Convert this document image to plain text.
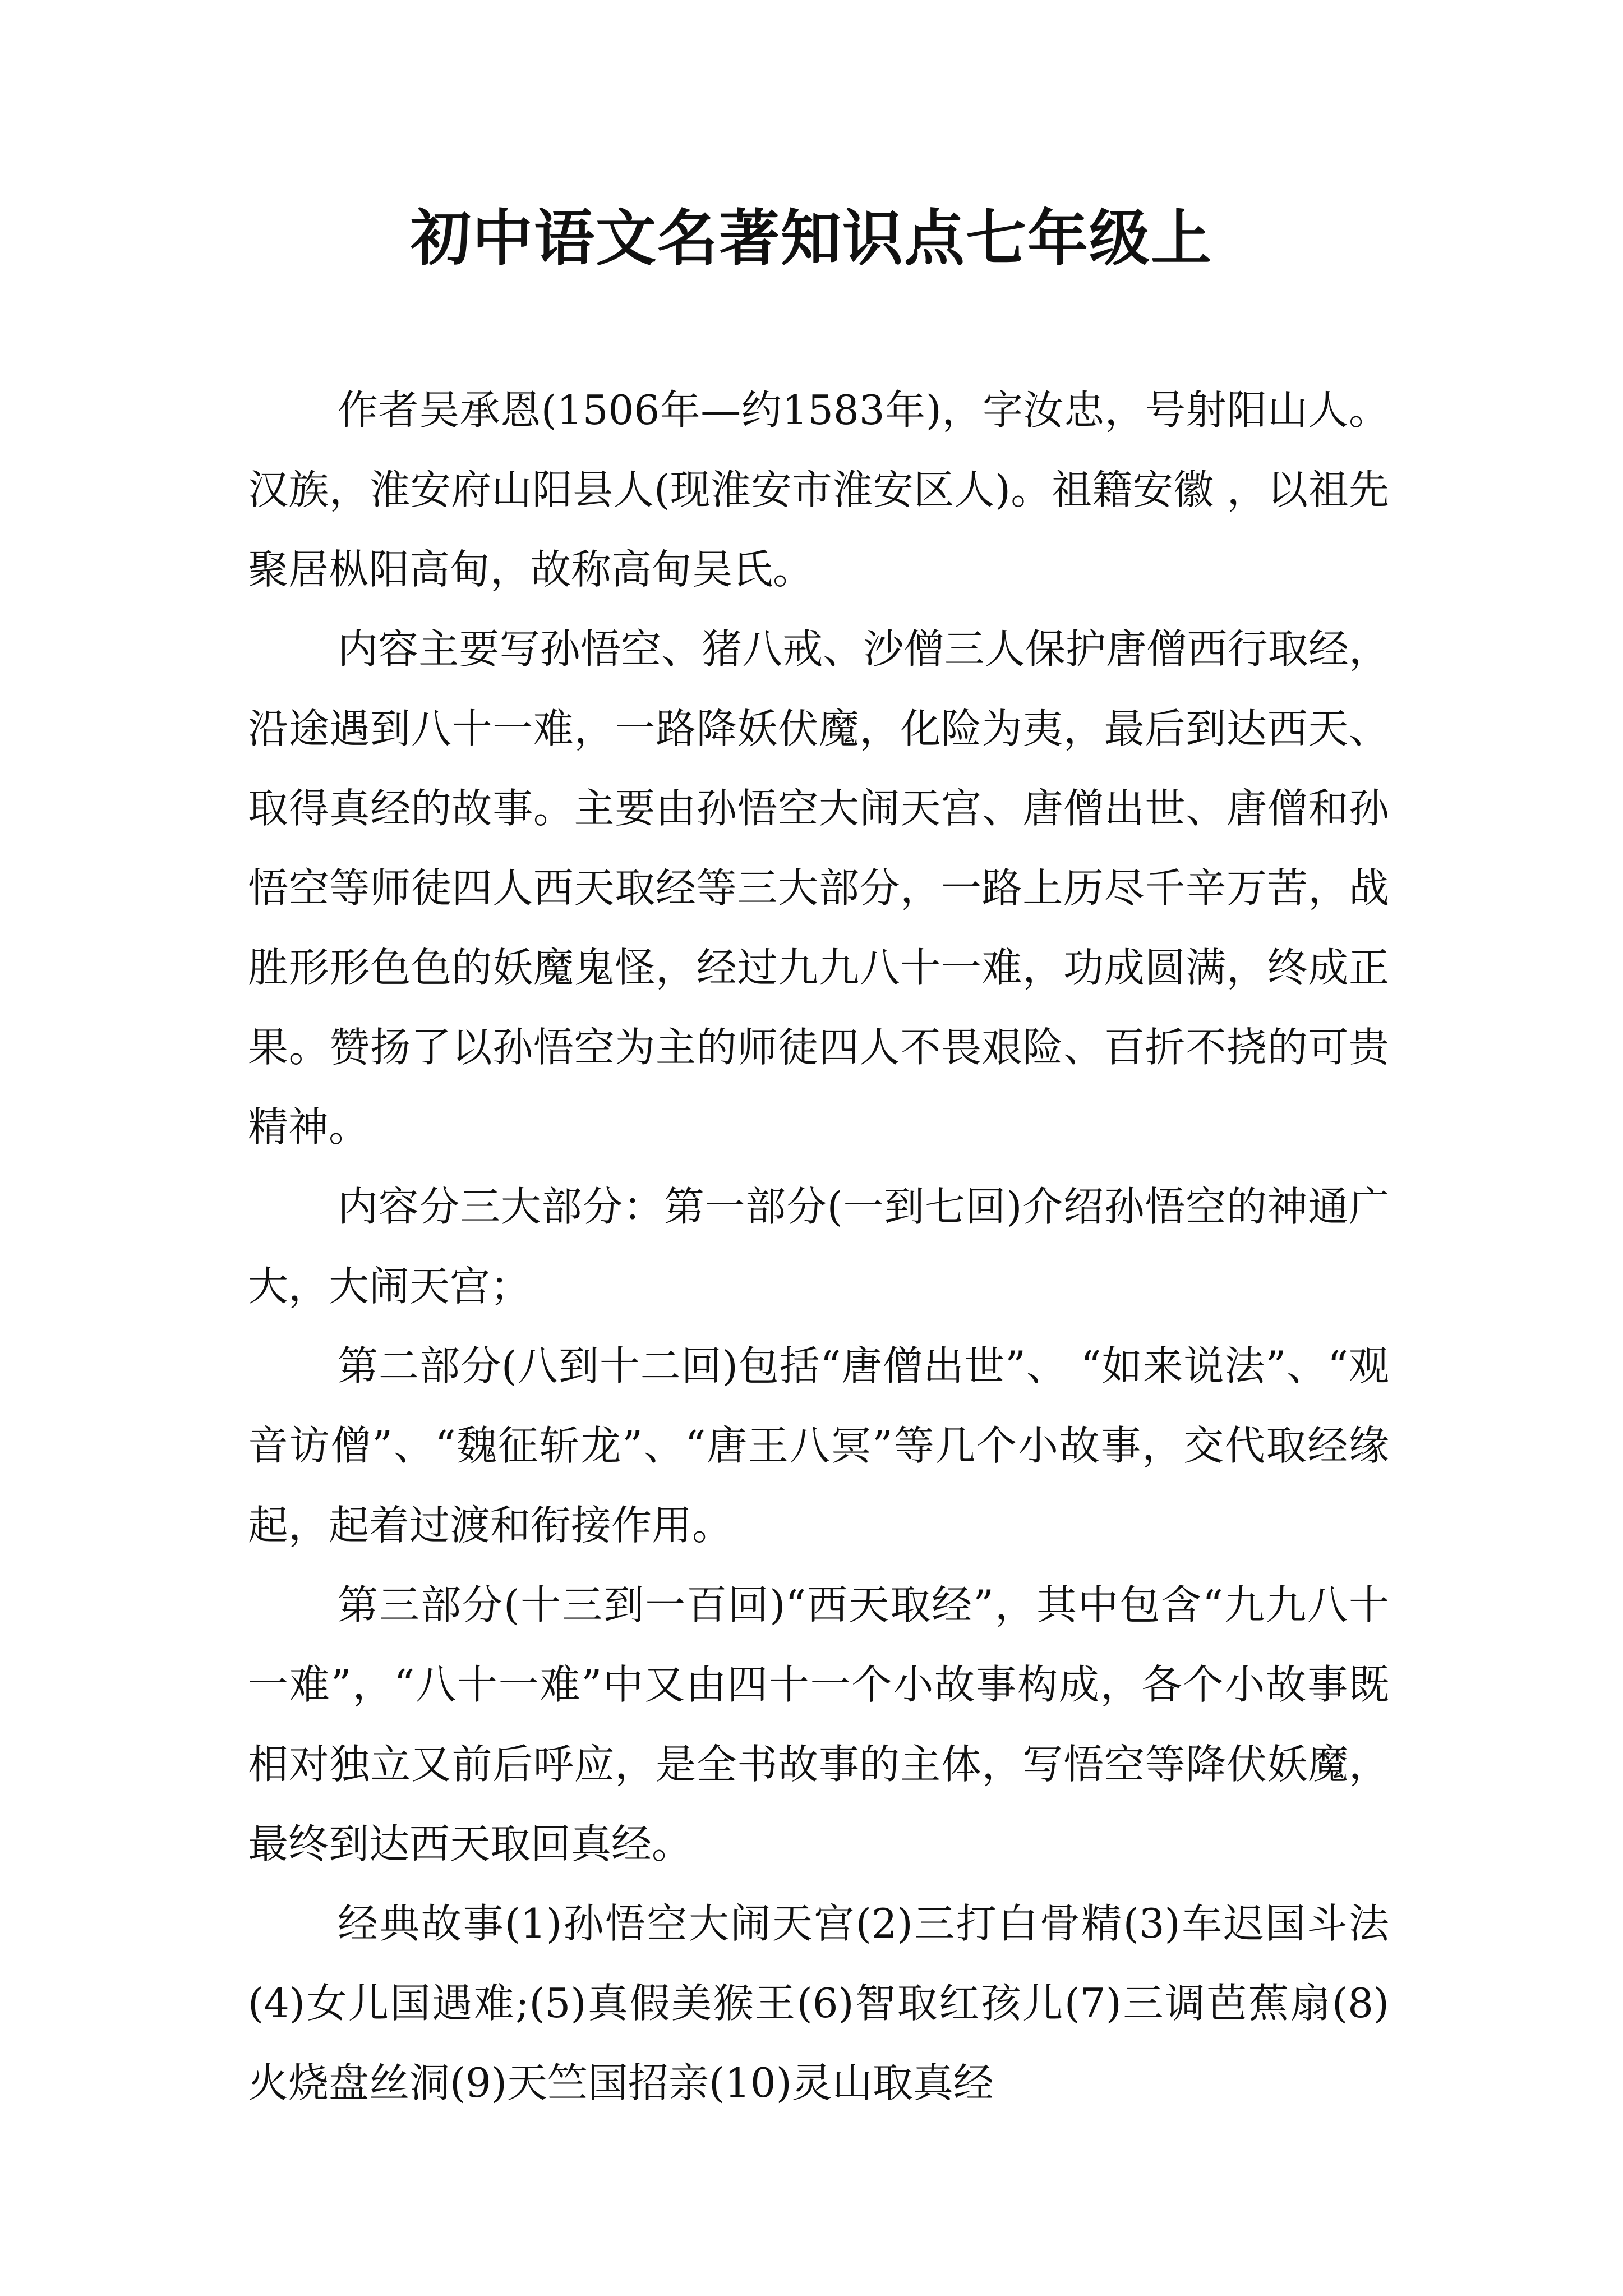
初中语文名著知识点七年级上

作者吴承恩(1506年—约1583年)，字汝忠，号射阳山人。汉族，淮安府山阳县人(现淮安市淮安区人)。祖籍安徽 ，以祖先聚居枞阳高甸，故称高甸吴氏。

内容主要写孙悟空、猪八戒、沙僧三人保护唐僧西行取经，沿途遇到八十一难，一路降妖伏魔，化险为夷，最后到达西天、取得真经的故事。主要由孙悟空大闹天宫、唐僧出世、唐僧和孙悟空等师徒四人西天取经等三大部分，一路上历尽千辛万苦，战胜形形色色的妖魔鬼怪，经过九九八十一难，功成圆满，终成正果。赞扬了以孙悟空为主的师徒四人不畏艰险、百折不挠的可贵精神。

内容分三大部分：第一部分(一到七回)介绍孙悟空的神通广大，大闹天宫；

第二部分(八到十二回)包括“唐僧出世”、 “如来说法”、“观音访僧”、“魏征斩龙”、“唐王八冥”等几个小故事，交代取经缘起，起着过渡和衔接作用。

第三部分(十三到一百回)“西天取经”，其中包含“九九八十一难”，“八十一难”中又由四十一个小故事构成，各个小故事既相对独立又前后呼应，是全书故事的主体，写悟空等降伏妖魔，最终到达西天取回真经。

经典故事(1)孙悟空大闹天宫(2)三打白骨精(3)车迟国斗法(4)女儿国遇难;(5)真假美猴王(6)智取红孩儿(7)三调芭蕉扇(8)火烧盘丝洞(9)天竺国招亲(10)灵山取真经
